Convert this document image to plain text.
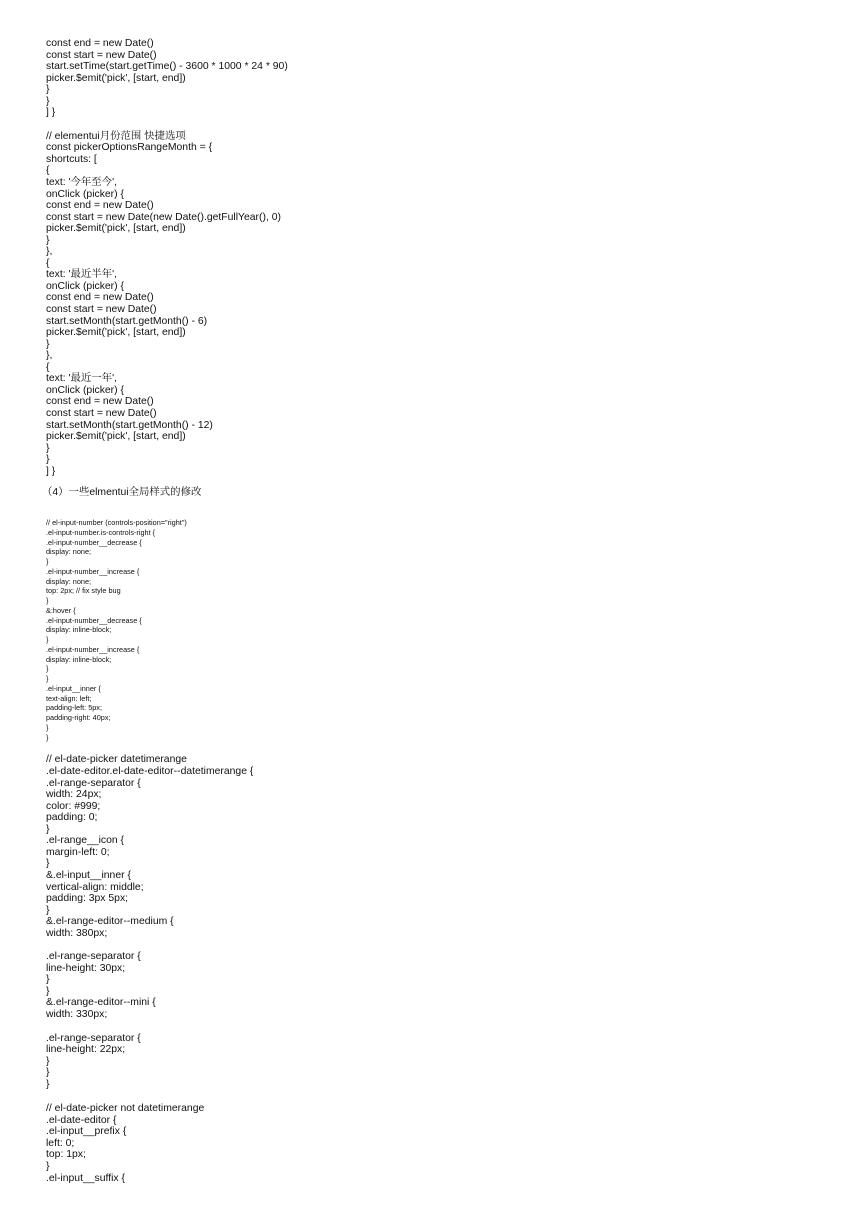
const end = new Date()
const start = new Date()
start.setTime(start.getTime() - 3600 * 1000 * 24 * 90)
picker.$emit('pick', [start, end])
}
}
] }
// elementui月份范围 快捷选项
const pickerOptionsRangeMonth = {
shortcuts: [
{
text: '今年至今',
onClick (picker) {
const end = new Date()
const start = new Date(new Date().getFullYear(), 0)
picker.$emit('pick', [start, end])
}
},
{
text: '最近半年',
onClick (picker) {
const end = new Date()
const start = new Date()
start.setMonth(start.getMonth() - 6)
picker.$emit('pick', [start, end])
}
},
{
text: '最近一年',
onClick (picker) {
const end = new Date()
const start = new Date()
start.setMonth(start.getMonth() - 12)
picker.$emit('pick', [start, end])
}
}
] }
（4）一些elmentui全局样式的修改
// el-input-number (controls-position="right")
.el-input-number.is-controls-right {
.el-input-number__decrease {
display: none;
}
.el-input-number__increase {
display: none;
top: 2px; // fix style bug
}
&:hover {
.el-input-number__decrease {
display: inline-block;
}
.el-input-number__increase {
display: inline-block;
}
}
.el-input__inner {
text-align: left;
padding-left: 5px;
padding-right: 40px;
}
}
// el-date-picker datetimerange
.el-date-editor.el-date-editor--datetimerange {
.el-range-separator {
width: 24px;
color: #999;
padding: 0;
}
.el-range__icon {
margin-left: 0;
}
&.el-input__inner {
vertical-align: middle;
padding: 3px 5px;
}
&.el-range-editor--medium {
width: 380px;
.el-range-separator {
line-height: 30px;
}
}
&.el-range-editor--mini {
width: 330px;
.el-range-separator {
line-height: 22px;
}
}
}
// el-date-picker not datetimerange
.el-date-editor {
.el-input__prefix {
left: 0;
top: 1px;
}
.el-input__suffix {
